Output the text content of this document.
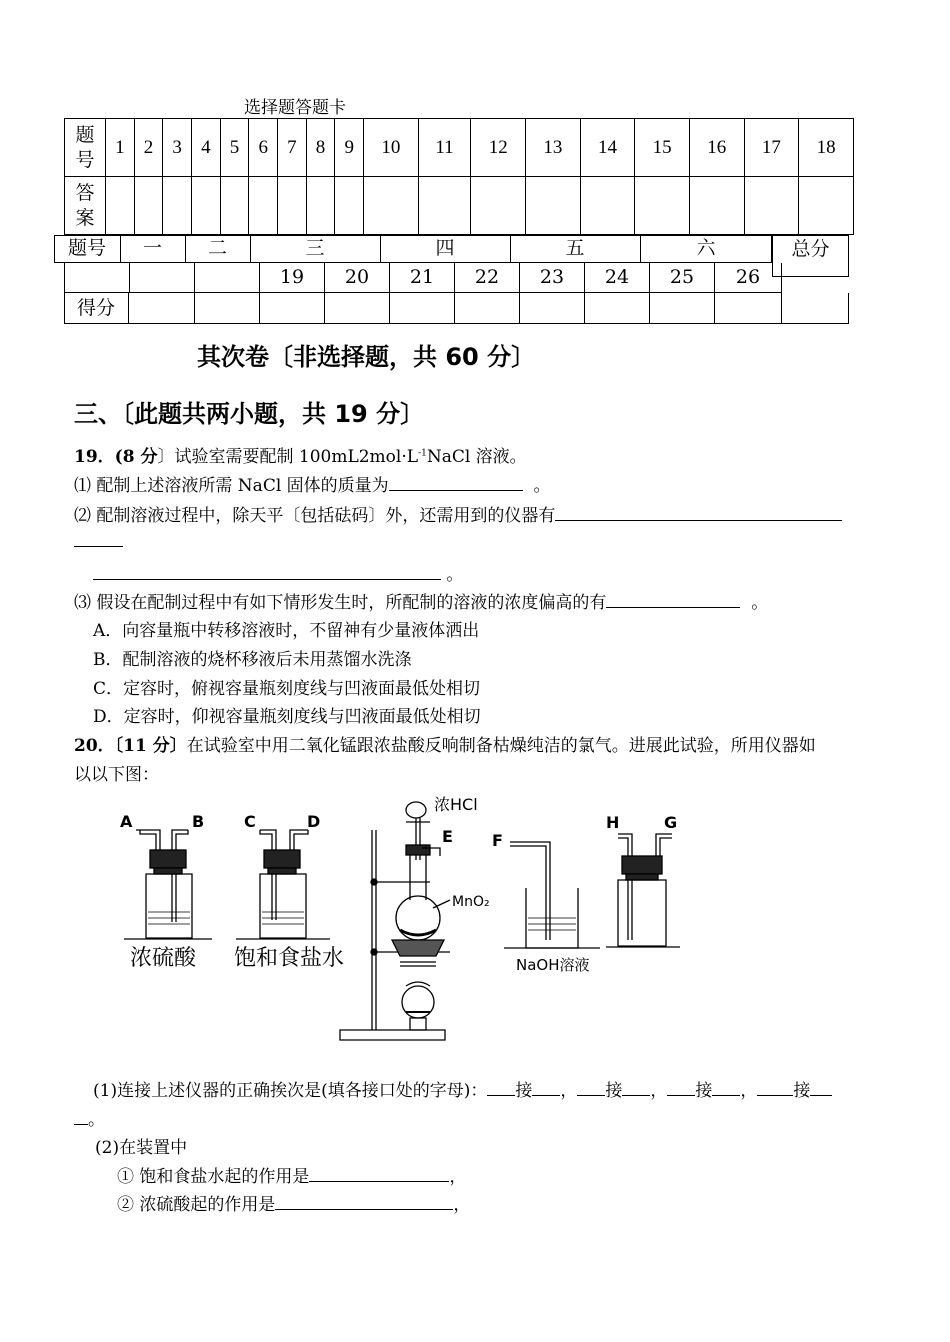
选择题答题卡
题
号	1	2	3	4	5	6	7	8	9	10	11	12	13	14	15	16	17	18

答
案																		

题号	一	二	三	四	五	六	总分
19	20	21	22	23	24	25	26
得分
其次卷〔非选择题，共 60 分〕
三、〔此题共两小题，共 19 分〕
19．(8 分〕试验室需要配制 $100mL2mol\cdot L^{-1}NaCl$ 溶液。
⑴ 配制上述溶液所需 NaCl 固体的质量为	。
⑵ 配制溶液过程中，除天平〔包括砝码〕外，还需用到的仪器有
。
⑶ 假设在配制过程中有如下情形发生时，所配制的溶液的浓度偏高的有	。
A．向容量瓶中转移溶液时，不留神有少量液体洒出
B．配制溶液的烧杯移液后未用蒸馏水洗涤
C．定容时，俯视容量瓶刻度线与凹液面最低处相切
D．定容时，仰视容量瓶刻度线与凹液面最低处相切
20．〔11 分〕在试验室中用二氧化锰跟浓盐酸反响制备枯燥纯洁的氯气。进展此试验，所用仪器如
以以下图：
A	B
浓硫酸
C	D
饱和食盐水
浓HCl
E
MnO₂
F
NaOH溶液
H	G
(1)连接上述仪器的正确挨次是(填各接口处的字母)： 接 ， 接 ， 接 ， 接
。
(2)在装置中
① 饱和食盐水起的作用是	，
② 浓硫酸起的作用是	，
